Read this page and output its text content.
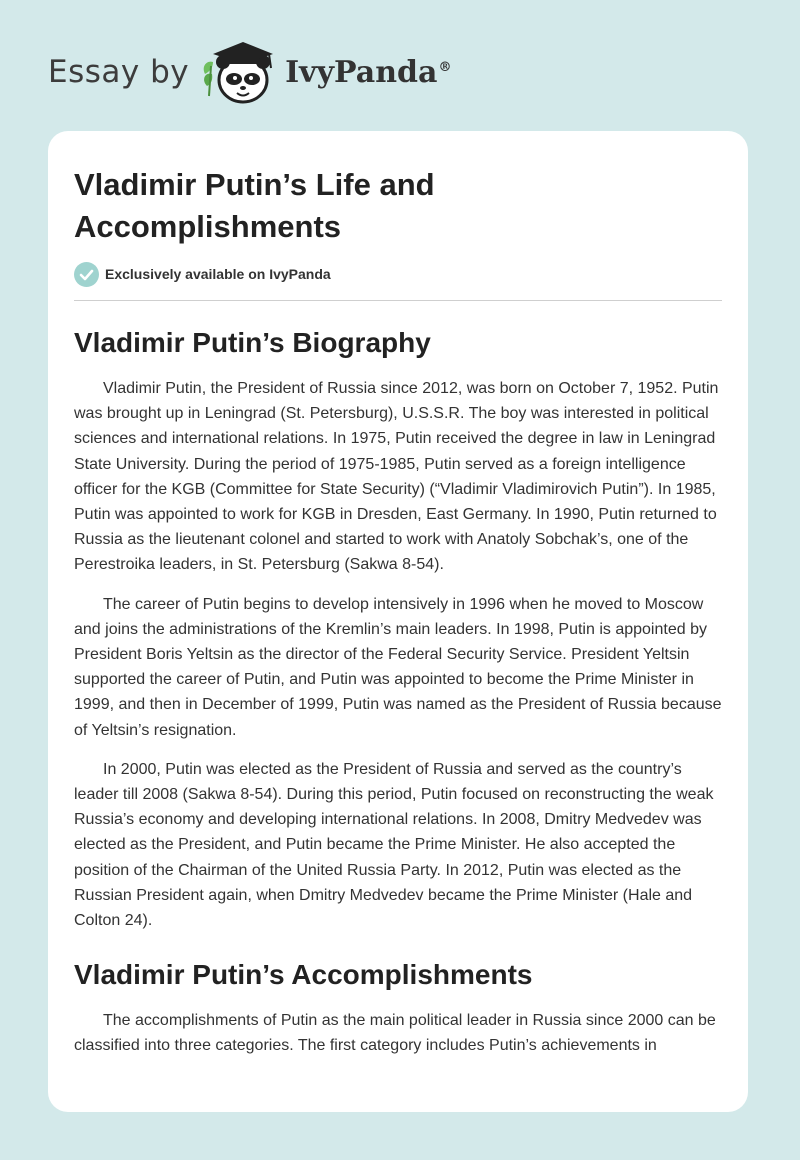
Essay by	IvyPanda®
Vladimir Putin’s Life and Accomplishments
Exclusively available on IvyPanda
Vladimir Putin’s Biography

Vladimir Putin, the President of Russia since 2012, was born on October 7, 1952. Putin was brought up in Leningrad (St. Petersburg), U.S.S.R. The boy was interested in political sciences and international relations. In 1975, Putin received the degree in law in Leningrad State University. During the period of 1975-1985, Putin served as a foreign intelligence officer for the KGB (Committee for State Security) (“Vladimir Vladimirovich Putin”). In 1985, Putin was appointed to work for KGB in Dresden, East Germany. In 1990, Putin returned to Russia as the lieutenant colonel and started to work with Anatoly Sobchak’s, one of the Perestroika leaders, in St. Petersburg (Sakwa 8-54).

The career of Putin begins to develop intensively in 1996 when he moved to Moscow and joins the administrations of the Kremlin’s main leaders. In 1998, Putin is appointed by President Boris Yeltsin as the director of the Federal Security Service. President Yeltsin supported the career of Putin, and Putin was appointed to become the Prime Minister in 1999, and then in December of 1999, Putin was named as the President of Russia because of Yeltsin’s resignation.

In 2000, Putin was elected as the President of Russia and served as the country’s leader till 2008 (Sakwa 8-54). During this period, Putin focused on reconstructing the weak Russia’s economy and developing international relations. In 2008, Dmitry Medvedev was elected as the President, and Putin became the Prime Minister. He also accepted the position of the Chairman of the United Russia Party. In 2012, Putin was elected as the Russian President again, when Dmitry Medvedev became the Prime Minister (Hale and Colton 24).

Vladimir Putin’s Accomplishments

The accomplishments of Putin as the main political leader in Russia since 2000 can be classified into three categories. The first category includes Putin’s achievements in
